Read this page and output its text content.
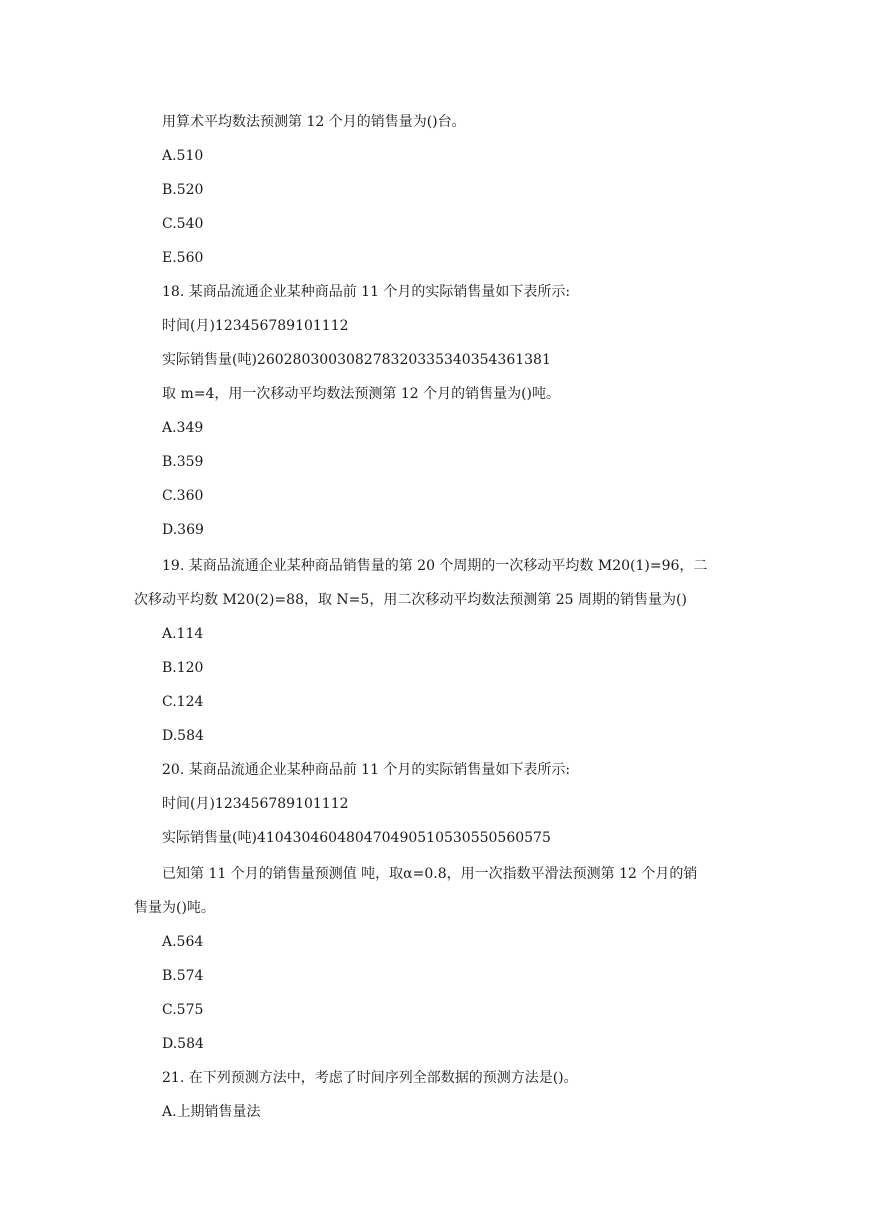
用算术平均数法预测第 12 个月的销售量为()台。
A.510
B.520
C.540
E.560
18. 某商品流通企业某种商品前 11 个月的实际销售量如下表所示:
时间(月)123456789101112
实际销售量(吨)260280300308278320335340354361381
取 m=4，用一次移动平均数法预测第 12 个月的销售量为()吨。
A.349
B.359
C.360
D.369
19. 某商品流通企业某种商品销售量的第 20 个周期的一次移动平均数 M20(1)=96，二
次移动平均数 M20(2)=88，取 N=5，用二次移动平均数法预测第 25 周期的销售量为()
A.114
B.120
C.124
D.584
20. 某商品流通企业某种商品前 11 个月的实际销售量如下表所示:
时间(月)123456789101112
实际销售量(吨)410430460480470490510530550560575
已知第 11 个月的销售量预测值 吨，取α=0.8，用一次指数平滑法预测第 12 个月的销
售量为()吨。
A.564
B.574
C.575
D.584
21. 在下列预测方法中，考虑了时间序列全部数据的预测方法是()。
A.上期销售量法
